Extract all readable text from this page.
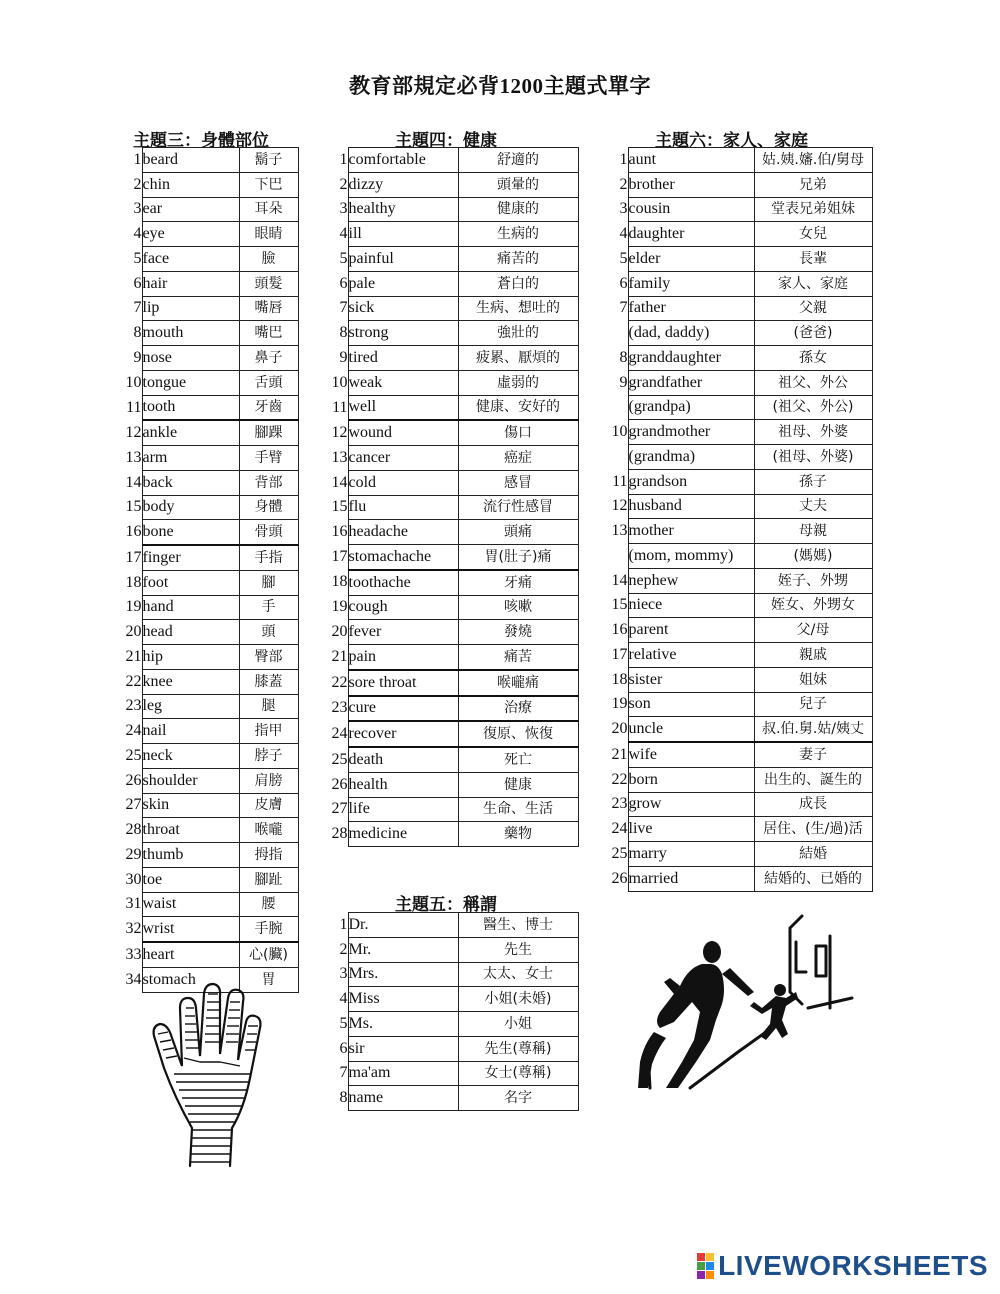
教育部規定必背1200主題式單字
主題三：身體部位	主題四：健康	主題六：家人、家庭
主題五：稱謂
1	beard	鬍子
2	chin	下巴
3	ear	耳朵
4	eye	眼睛
5	face	臉
6	hair	頭髮
7	lip	嘴唇
8	mouth	嘴巴
9	nose	鼻子
10	tongue	舌頭
11	tooth	牙齒
12	ankle	腳踝
13	arm	手臂
14	back	背部
15	body	身體
16	bone	骨頭
17	finger	手指
18	foot	腳
19	hand	手
20	head	頭
21	hip	臀部
22	knee	膝蓋
23	leg	腿
24	nail	指甲
25	neck	脖子
26	shoulder	肩膀
27	skin	皮膚
28	throat	喉嚨
29	thumb	拇指
30	toe	腳趾
31	waist	腰
32	wrist	手腕
33	heart	心(臟)
34	stomach	胃
1	comfortable	舒適的
2	dizzy	頭暈的
3	healthy	健康的
4	ill	生病的
5	painful	痛苦的
6	pale	蒼白的
7	sick	生病、想吐的
8	strong	強壯的
9	tired	疲累、厭煩的
10	weak	虛弱的
11	well	健康、安好的
12	wound	傷口
13	cancer	癌症
14	cold	感冒
15	flu	流行性感冒
16	headache	頭痛
17	stomachache	胃(肚子)痛
18	toothache	牙痛
19	cough	咳嗽
20	fever	發燒
21	pain	痛苦
22	sore throat	喉嚨痛
23	cure	治療
24	recover	復原、恢復
25	death	死亡
26	health	健康
27	life	生命、生活
28	medicine	藥物
1	Dr.	醫生、博士
2	Mr.	先生
3	Mrs.	太太、女士
4	Miss	小姐(未婚)
5	Ms.	小姐
6	sir	先生(尊稱)
7	ma'am	女士(尊稱)
8	name	名字
1	aunt	姑.姨.嬸.伯/舅母
2	brother	兄弟
3	cousin	堂表兄弟姐妹
4	daughter	女兒
5	elder	長輩
6	family	家人、家庭
7	father	父親
	(dad, daddy)	(爸爸)
8	granddaughter	孫女
9	grandfather	祖父、外公
	(grandpa)	(祖父、外公)
10	grandmother	祖母、外婆
	(grandma)	(祖母、外婆)
11	grandson	孫子
12	husband	丈夫
13	mother	母親
	(mom, mommy)	(媽媽)
14	nephew	姪子、外甥
15	niece	姪女、外甥女
16	parent	父/母
17	relative	親戚
18	sister	姐妹
19	son	兒子
20	uncle	叔.伯.舅.姑/姨丈
21	wife	妻子
22	born	出生的、誕生的
23	grow	成長
24	live	居住、(生/過)活
25	marry	結婚
26	married	結婚的、已婚的
LIVEWORKSHEETS
